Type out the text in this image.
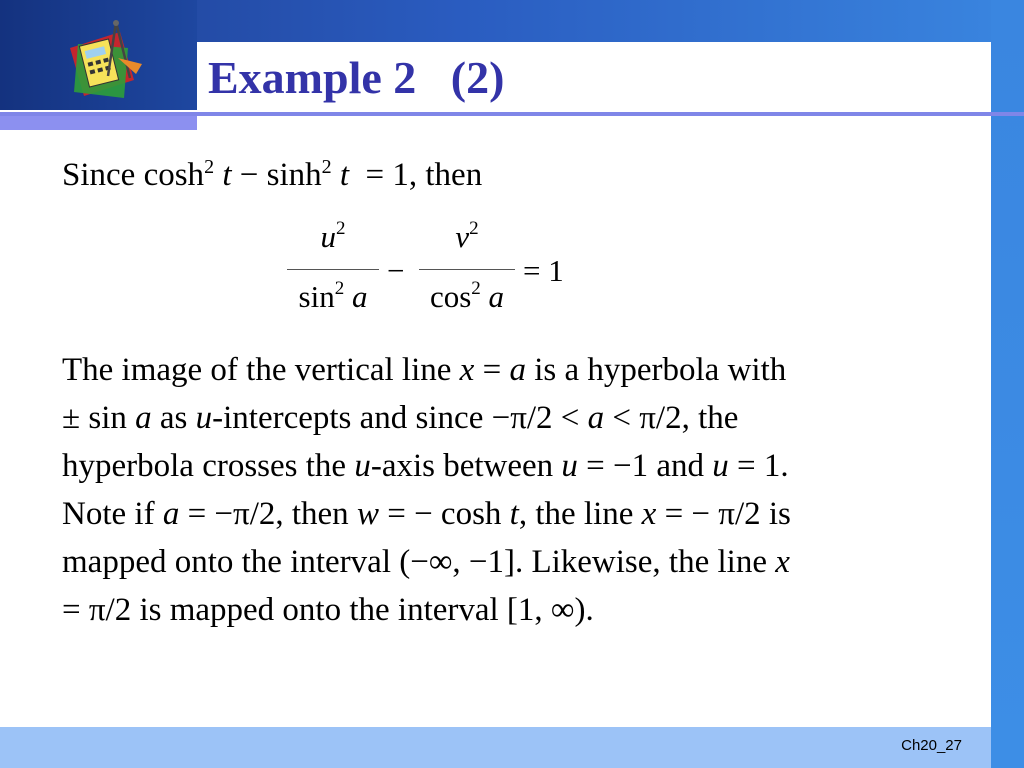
Example 2   (2)
Since $\cosh^2 t - \sinh^2 t = 1$, then
$u^2$
$\sin^2 a$
−
$v^2$
$\cos^2 a$
= 1
The image of the vertical line x = a is a hyperbola with
± sin a as u-intercepts and since −π/2 < a < π/2, the
hyperbola crosses the u-axis between u = −1 and u = 1.
Note if a = −π/2, then w = − cosh t, the line x = − π/2 is
mapped onto the interval (−∞, −1]. Likewise, the line x
= π/2 is mapped onto the interval [1, ∞).
Ch20_27
